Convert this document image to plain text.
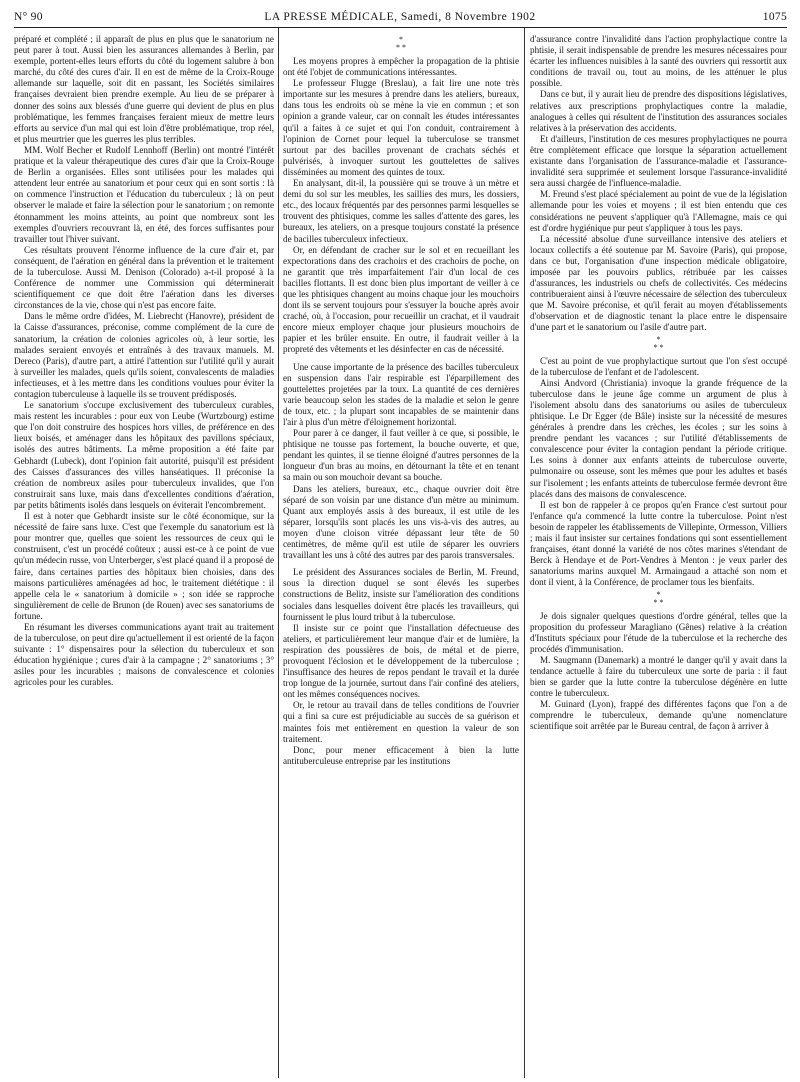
N° 90	LA PRESSE MÉDICALE, Samedi, 8 Novembre 1902	1075

préparé et complété ; il apparaît de plus en plus que le sanatorium ne peut parer à tout. Aussi bien les assurances allemandes à Berlin, par exemple, portent-elles leurs efforts du côté du logement salubre à bon marché, du côté des cures d'air. Il en est de même de la Croix-Rouge allemande sur laquelle, soit dit en passant, les Sociétés similaires françaises devraient bien prendre exemple. Au lieu de se préparer à donner des soins aux blessés d'une guerre qui devient de plus en plus problématique, les femmes françaises feraient mieux de mettre leurs efforts au service d'un mal qui est loin d'être problématique, trop réel, et plus meurtrier que les guerres les plus terribles.

MM. Wolf Becher et Rudolf Lennhoff (Berlin) ont montré l'intérêt pratique et la valeur thérapeutique des cures d'air que la Croix-Rouge de Berlin a organisées. Elles sont utilisées pour les malades qui attendent leur entrée au sanatorium et pour ceux qui en sont sortis : là on commence l'instruction et l'éducation du tuberculeux ; là on peut observer le malade et faire la sélection pour le sanatorium ; on remonte étonnamment les moins atteints, au point que nombreux sont les exemples d'ouvriers recouvrant là, en été, des forces suffisantes pour travailler tout l'hiver suivant.

Ces résultats prouvent l'énorme influence de la cure d'air et, par conséquent, de l'aération en général dans la prévention et le traitement de la tuberculose. Aussi M. Denison (Colorado) a-t-il proposé à la Conférence de nommer une Commission qui déterminerait scientifiquement ce que doit être l'aération dans les diverses circonstances de la vie, chose qui n'est pas encore faite.

Dans le même ordre d'idées, M. Liebrecht (Hanovre), président de la Caisse d'assurances, préconise, comme complément de la cure de sanatorium, la création de colonies agricoles où, à leur sortie, les malades seraient envoyés et entraînés à des travaux manuels. M. Dereco (Paris), d'autre part, a attiré l'attention sur l'utilité qu'il y aurait à surveiller les malades, quels qu'ils soient, convalescents de maladies infectieuses, et à les mettre dans les conditions voulues pour éviter la contagion tuberculeuse à laquelle ils se trouvent prédisposés.

Le sanatorium s'occupe exclusivement des tuberculeux curables, mais restent les incurables : pour eux von Leube (Wurtzbourg) estime que l'on doit construire des hospices hors villes, de préférence en des lieux boisés, et aménager dans les hôpitaux des pavillons spéciaux, isolés des autres bâtiments. La même proposition a été faite par Gebhardt (Lubeck), dont l'opinion fait autorité, puisqu'il est président des Caisses d'assurances des villes hanséatiques. Il préconise la création de nombreux asiles pour tuberculeux invalides, que l'on construirait sans luxe, mais dans d'excellentes conditions d'aération, par petits bâtiments isolés dans lesquels on éviterait l'encombrement.

Il est à noter que Gebhardt insiste sur le côté économique, sur la nécessité de faire sans luxe. C'est que l'exemple du sanatorium est là pour montrer que, quelles que soient les ressources de ceux qui le construisent, c'est un procédé coûteux ; aussi est-ce à ce point de vue qu'un médecin russe, von Unterberger, s'est placé quand il a proposé de faire, dans certaines parties des hôpitaux bien choisies, dans des maisons particulières aménagées ad hoc, le traitement diététique : il appelle cela le « sanatorium à domicile » ; son idée se rapproche singulièrement de celle de Brunon (de Rouen) avec ses sanatoriums de fortune.

En résumant les diverses communications ayant trait au traitement de la tuberculose, on peut dire qu'actuellement il est orienté de la façon suivante : 1° dispensaires pour la sélection du tuberculeux et son éducation hygiénique ; cures d'air à la campagne ; 2° sanatoriums ; 3° asiles pour les incurables ; maisons de convalescence et colonies agricoles pour les curables.

*
* *

Les moyens propres à empêcher la propagation de la phtisie ont été l'objet de communications intéressantes.

Le professeur Flugge (Breslau), a fait lire une note très importante sur les mesures à prendre dans les ateliers, bureaux, dans tous les endroits où se mène la vie en commun ; et son opinion a grande valeur, car on connaît les études intéressantes qu'il a faites à ce sujet et qui l'on conduit, contrairement à l'opinion de Cornet pour lequel la tuberculose se transmet surtout par des bacilles provenant de crachats séchés et pulvérisés, à invoquer surtout les gouttelettes de salives disséminées au moment des quintes de toux.

En analysant, dit-il, la poussière qui se trouve à un mètre et demi du sol sur les meubles, les saillies des murs, les dossiers, etc., des locaux fréquentés par des personnes parmi lesquelles se trouvent des phtisiques, comme les salles d'attente des gares, les bureaux, les ateliers, on a presque toujours constaté la présence de bacilles tuberculeux infectieux.

Or, en défendant de cracher sur le sol et en recueillant les expectorations dans des crachoirs et des crachoirs de poche, on ne garantit que très imparfaitement l'air d'un local de ces bacilles flottants. Il est donc bien plus important de veiller à ce que les phtisiques changent au moins chaque jour les mouchoirs dont ils se servent toujours pour s'essuyer la bouche après avoir craché, où, à l'occasion, pour recueillir un crachat, et il vaudrait encore mieux employer chaque jour plusieurs mouchoirs de papier et les brûler ensuite. En outre, il faudrait veiller à la propreté des vêtements et les désinfecter en cas de nécessité.

Une cause importante de la présence des bacilles tuberculeux en suspension dans l'air respirable est l'éparpillement des gouttelettes projetées par la toux. La quantité de ces dernières varie beaucoup selon les stades de la maladie et selon le genre de toux, etc. ; la plupart sont incapables de se maintenir dans l'air à plus d'un mètre d'éloignement horizontal.

Pour parer à ce danger, il faut veiller à ce que, si possible, le phtisique ne tousse pas fortement, la bouche ouverte, et que, pendant les quintes, il se tienne éloigné d'autres personnes de la longueur d'un bras au moins, en détournant la tête et en tenant sa main ou son mouchoir devant sa bouche.

Dans les ateliers, bureaux, etc., chaque ouvrier doit être séparé de son voisin par une distance d'un mètre au minimum. Quant aux employés assis à des bureaux, il est utile de les séparer, lorsqu'ils sont placés les uns vis-à-vis des autres, au moyen d'une cloison vitrée dépassant leur tête de 50 centimètres, de même qu'il est utile de séparer les ouvriers travaillant les uns à côté des autres par des parois transversales.

Le président des Assurances sociales de Berlin, M. Freund, sous la direction duquel se sont élevés les superbes constructions de Belitz, insiste sur l'amélioration des conditions sociales dans lesquelles doivent être placés les travailleurs, qui fournissent le plus lourd tribut à la tuberculose.

Il insiste sur ce point que l'installation défectueuse des ateliers, et particulièrement leur manque d'air et de lumière, la respiration des poussières de bois, de métal et de pierre, provoquent l'éclosion et le développement de la tuberculose ; l'insuffisance des heures de repos pendant le travail et la durée trop longue de la journée, surtout dans l'air confiné des ateliers, ont les mêmes conséquences nocives.

Or, le retour au travail dans de telles conditions de l'ouvrier qui a fini sa cure est préjudiciable au succès de sa guérison et maintes fois met entièrement en question la valeur de son traitement.

Donc, pour mener efficacement à bien la lutte antituberculeuse entreprise par les institutions

d'assurance contre l'invalidité dans l'action prophylactique contre la phtisie, il serait indispensable de prendre les mesures nécessaires pour écarter les influences nuisibles à la santé des ouvriers qui ressortit aux conditions de travail ou, tout au moins, de les atténuer le plus possible.

Dans ce but, il y aurait lieu de prendre des dispositions législatives, relatives aux prescriptions prophylactiques contre la maladie, analogues à celles qui résultent de l'institution des assurances sociales relatives à la préservation des accidents.

Et d'ailleurs, l'institution de ces mesures prophylactiques ne pourra être complètement efficace que lorsque la séparation actuellement existante dans l'organisation de l'assurance-maladie et l'assurance-invalidité sera supprimée et seulement lorsque l'assurance-invalidité sera aussi chargée de l'influence-maladie.

M. Freund s'est placé spécialement au point de vue de la législation allemande pour les voies et moyens ; il est bien entendu que ces considérations ne peuvent s'appliquer qu'à l'Allemagne, mais ce qui est d'ordre hygiénique pur peut s'appliquer à tous les pays.

La nécessité absolue d'une surveillance intensive des ateliers et locaux collectifs a été soutenue par M. Savoire (Paris), qui propose, dans ce but, l'organisation d'une inspection médicale obligatoire, imposée par les pouvoirs publics, rétribuée par les caisses d'assurances, les industriels ou chefs de collectivités. Ces médecins contribueraient ainsi à l'œuvre nécessaire de sélection des tuberculeux que M. Savoire préconise, et qu'il ferait au moyen d'établissements d'observation et de diagnostic tenant la place entre le dispensaire d'une part et le sanatorium ou l'asile d'autre part.

*
* *

C'est au point de vue prophylactique surtout que l'on s'est occupé de la tuberculose de l'enfant et de l'adolescent.

Ainsi Andvord (Christiania) invoque la grande fréquence de la tuberculose dans le jeune âge comme un argument de plus à l'isolement absolu dans des sanatoriums ou asiles de tuberculeux phtisique. Le Dr Egger (de Bâle) insiste sur la nécessité de mesures générales à prendre dans les crèches, les écoles ; sur les soins à prendre pendant les vacances ; sur l'utilité d'établissements de convalescence pour éviter la contagion pendant la période critique. Les soins à donner aux enfants atteints de tuberculose ouverte, pulmonaire ou osseuse, sont les mêmes que pour les adultes et basés sur l'isolement ; les enfants atteints de tuberculose fermée devront être placés dans des maisons de convalescence.

Il est bon de rappeler à ce propos qu'en France c'est surtout pour l'enfance qu'a commencé la lutte contre la tuberculose. Point n'est besoin de rappeler les établissements de Villepinte, Ormesson, Villiers ; mais il faut insister sur certaines fondations qui sont essentiellement françaises, étant donné la variété de nos côtes marines s'étendant de Berck à Hendaye et de Port-Vendres à Menton : je veux parler des sanatoriums marins auxquel M. Armaingaud a attaché son nom et dont il vient, à la Conférence, de proclamer tous les bienfaits.

*
* *

Je dois signaler quelques questions d'ordre général, telles que la proposition du professeur Maragliano (Gênes) relative à la création d'Instituts spéciaux pour l'étude de la tuberculose et la recherche des procédés d'immunisation.

M. Saugmann (Danemark) a montré le danger qu'il y avait dans la tendance actuelle à faire du tuberculeux une sorte de paria : il faut bien se garder que la lutte contre la tuberculose dégénère en lutte contre le tuberculeux.

M. Guinard (Lyon), frappé des différentes façons que l'on a de comprendre le tuberculeux, demande qu'une nomenclature scientifique soit arrêtée par le Bureau central, de façon à arriver à
